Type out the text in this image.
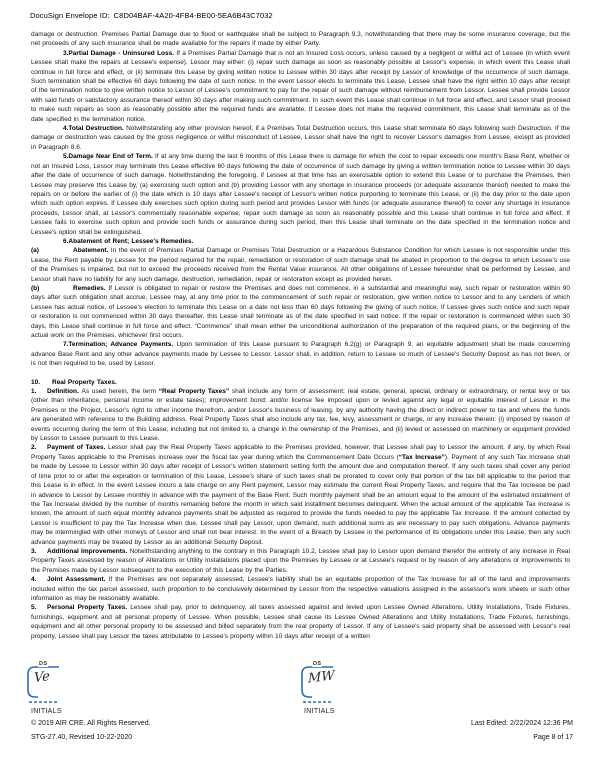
DocuSign Envelope ID: C8D04BAF-4A20-4FB4-BE00-5EA6B43C7032

damage or destruction. Premises Partial Damage due to flood or earthquake shall be subject to Paragraph 9.3, notwithstanding that there may be some insurance coverage, but the net proceeds of any such insurance shall be made available for the repairs if made by either Party.

3.Partial Damage - Uninsured Loss. If a Premises Partial Damage that is not an Insured Loss occurs, unless caused by a negligent or willful act of Lessee (in which event Lessee shall make the repairs at Lessee's expense), Lessor may either: (i) repair such damage as soon as reasonably possible at Lessor's expense, in which event this Lease shall continue in full force and effect, or (ii) terminate this Lease by giving written notice to Lessee within 30 days after receipt by Lessor of knowledge of the occurrence of such damage. Such termination shall be effective 60 days following the date of such notice. In the event Lessor elects to terminate this Lease, Lessee shall have the right within 10 days after receipt of the termination notice to give written notice to Lessor of Lessee's commitment to pay for the repair of such damage without reimbursement from Lessor. Lessee shall provide Lessor with said funds or satisfactory assurance thereof within 30 days after making such commitment. In such event this Lease shall continue in full force and effect, and Lessor shall proceed to make such repairs as soon as reasonably possible after the required funds are available. If Lessee does not make the required commitment, this Lease shall terminate as of the date specified in the termination notice.

4.Total Destruction. Notwithstanding any other provision hereof, if a Premises Total Destruction occurs, this Lease shall terminate 60 days following such Destruction. If the damage or destruction was caused by the gross negligence or willful misconduct of Lessee, Lessor shall have the right to recover Lessor's damages from Lessee, except as provided in Paragraph 8.6.

5.Damage Near End of Term. If at any time during the last 6 months of this Lease there is damage for which the cost to repair exceeds one month's Base Rent, whether or not an Insured Loss, Lessor may terminate this Lease effective 60 days following the date of occurrence of such damage by giving a written termination notice to Lessee within 30 days after the date of occurrence of such damage. Notwithstanding the foregoing, if Lessee at that time has an exercisable option to extend this Lease or to purchase the Premises, then Lessee may preserve this Lease by, (a) exercising such option and (b) providing Lessor with any shortage in insurance proceeds (or adequate assurance thereof) needed to make the repairs on or before the earlier of (i) the date which is 10 days after Lessee's receipt of Lessor's written notice purporting to terminate this Lease, or (ii) the day prior to the date upon which such option expires. If Lessee duly exercises such option during such period and provides Lessor with funds (or adequate assurance thereof) to cover any shortage in insurance proceeds, Lessor shall, at Lessor's commercially reasonable expense, repair such damage as soon as reasonably possible and this Lease shall continue in full force and effect. If Lessee fails to exercise such option and provide such funds or assurance during such period, then this Lease shall terminate on the date specified in the termination notice and Lessee's option shall be extinguished.

6.Abatement of Rent; Lessee's Remedies.

(a)	Abatement. In the event of Premises Partial Damage or Premises Total Destruction or a Hazardous Substance Condition for which Lessee is not responsible under this Lease, the Rent payable by Lessee for the period required for the repair, remediation or restoration of such damage shall be abated in proportion to the degree to which Lessee's use of the Premises is impaired, but not to exceed the proceeds received from the Rental Value insurance. All other obligations of Lessee hereunder shall be performed by Lessee, and Lessor shall have no liability for any such damage, destruction, remediation, repair or restoration except as provided herein.

(b)	Remedies. If Lessor is obligated to repair or restore the Premises and does not commence, in a substantial and meaningful way, such repair or restoration within 90 days after such obligation shall accrue, Lessee may, at any time prior to the commencement of such repair or restoration, give written notice to Lessor and to any Lenders of which Lessee has actual notice, of Lessee's election to terminate this Lease on a date not less than 60 days following the giving of such notice. If Lessee gives such notice and such repair or restoration is not commenced within 30 days thereafter, this Lease shall terminate as of the date specified in said notice. If the repair or restoration is commenced within such 30 days, this Lease shall continue in full force and effect. “Commence” shall mean either the unconditional authorization of the preparation of the required plans, or the beginning of the actual work on the Premises, whichever first occurs.

7.Termination; Advance Payments. Upon termination of this Lease pursuant to Paragraph 6.2(g) or Paragraph 9, an equitable adjustment shall be made concerning advance Base Rent and any other advance payments made by Lessee to Lessor. Lessor shall, in addition, return to Lessee so much of Lessee's Security Deposit as has not been, or is not then required to be, used by Lessor.

10. Real Property Taxes.

1. Definition. As used herein, the term “Real Property Taxes” shall include any form of assessment; real estate, general, special, ordinary or extraordinary, or rental levy or tax (other than inheritance, personal income or estate taxes); improvement bond; and/or license fee imposed upon or levied against any legal or equitable interest of Lessor in the Premises or the Project, Lessor's right to other income therefrom, and/or Lessor's business of leasing, by any authority having the direct or indirect power to tax and where the funds are generated with reference to the Building address. Real Property Taxes shall also include any tax, fee, levy, assessment or charge, or any increase therein: (i) imposed by reason of events occurring during the term of this Lease, including but not limited to, a change in the ownership of the Premises, and (ii) levied or assessed on machinery or equipment provided by Lessor to Lessee pursuant to this Lease.

2. Payment of Taxes. Lessor shall pay the Real Property Taxes applicable to the Premises provided, however, that Lessee shall pay to Lessor the amount, if any, by which Real Property Taxes applicable to the Premises increase over the fiscal tax year during which the Commencement Date Occurs (“Tax Increase”). Payment of any such Tax Increase shall be made by Lessee to Lessor within 30 days after receipt of Lessor's written statement setting forth the amount due and computation thereof. If any such taxes shall cover any period of time prior to or after the expiration or termination of this Lease, Lessee's share of such taxes shall be prorated to cover only that portion of the tax bill applicable to the period that this Lease is in effect. In the event Lessee incurs a late charge on any Rent payment, Lessor may estimate the current Real Property Taxes, and require that the Tax Increase be paid in advance to Lessor by Lessee monthly in advance with the payment of the Base Rent. Such monthly payment shall be an amount equal to the amount of the estimated installment of the Tax Increase divided by the number of months remaining before the month in which said installment becomes delinquent. When the actual amount of the applicable Tax Increase is known, the amount of such equal monthly advance payments shall be adjusted as required to provide the funds needed to pay the applicable Tax Increase. If the amount collected by Lessor is insufficient to pay the Tax Increase when due, Lessee shall pay Lessor, upon demand, such additional sums as are necessary to pay such obligations. Advance payments may be intermingled with other moneys of Lessor and shall not bear interest. In the event of a Breach by Lessee in the performance of its obligations under this Lease, then any such advance payments may be treated by Lessor as an additional Security Deposit.

3. Additional Improvements. Notwithstanding anything to the contrary in this Paragraph 10.2, Lessee shall pay to Lessor upon demand therefor the entirety of any increase in Real Property Taxes assessed by reason of Alterations or Utility Installations placed upon the Premises by Lessee or at Lessee's request or by reason of any alterations or improvements to the Premises made by Lessor subsequent to the execution of this Lease by the Parties.

4. Joint Assessment. If the Premises are not separately assessed, Lessee's liability shall be an equitable proportion of the Tax Increase for all of the land and improvements included within the tax parcel assessed, such proportion to be conclusively determined by Lessor from the respective valuations assigned in the assessor's work sheets or such other information as may be reasonably available.

5. Personal Property Taxes. Lessee shall pay, prior to delinquency, all taxes assessed against and levied upon Lessee Owned Alterations, Utility Installations, Trade Fixtures, furnishings, equipment and all personal property of Lessee. When possible, Lessee shall cause its Lessee Owned Alterations and Utility Installations, Trade Fixtures, furnishings, equipment and all other personal property to be assessed and billed separately from the real property of Lessor. If any of Lessee's said property shall be assessed with Lessor's real property, Lessee shall pay Lessor the taxes attributable to Lessee's property within 10 days after receipt of a written

DS
Ve
DS
MW
INITIALS	INITIALS
© 2019 AIR CRE. All Rights Reserved.	Last Edited: 2/22/2024 12:36 PM
STG-27.40, Revised 10-22-2020	Page 8 of 17
